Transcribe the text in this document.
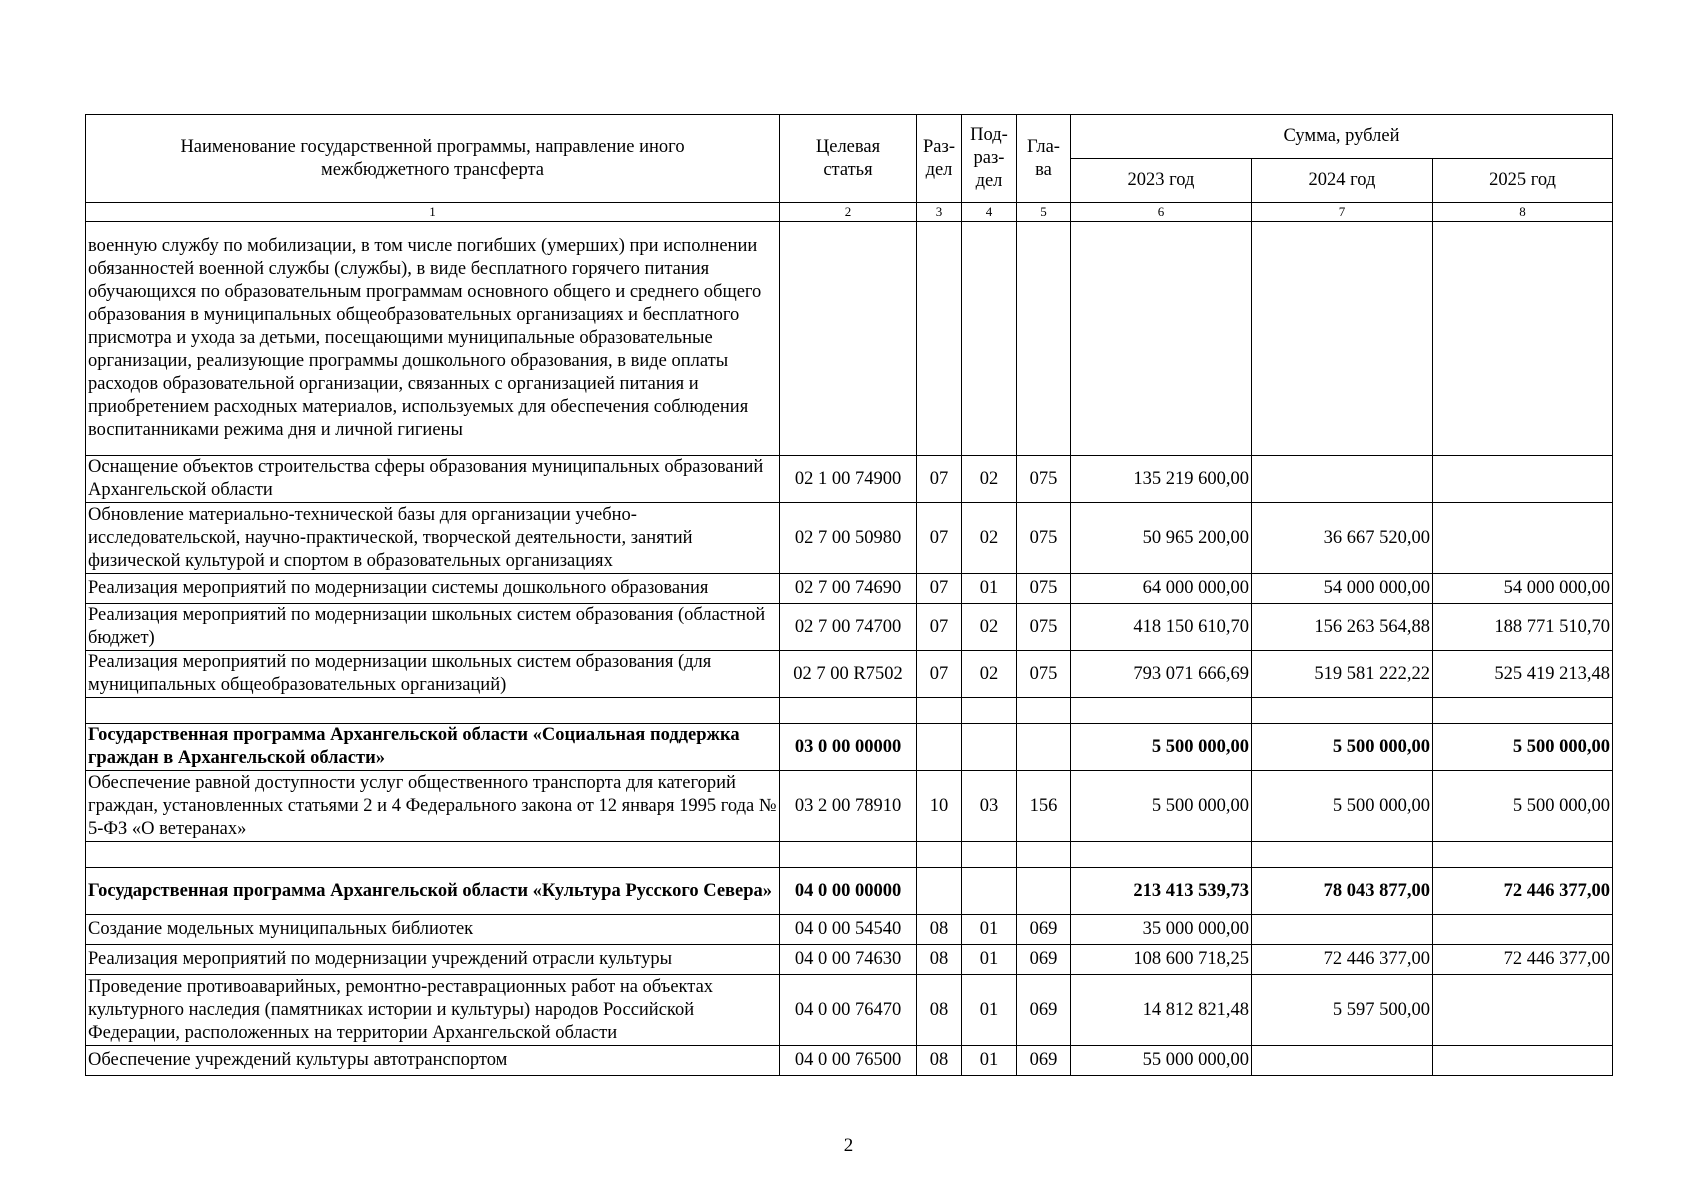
Наименование государственной программы, направление иного межбюджетного трансферта	Целевая статья	Раз-дел	Под-раз-дел	Гла-ва	Сумма, рублей		
					2023 год	2024 год	2025 год
1	2	3	4	5	6	7	8
военную службу по мобилизации, в том числе погибших (умерших) при исполнении обязанностей военной службы (службы), в виде бесплатного горячего питания обучающихся по образовательным программам основного общего и среднего общего образования в муниципальных общеобразовательных организациях и бесплатного присмотра и ухода за детьми, посещающими муниципальные образовательные организации, реализующие программы дошкольного образования, в виде оплаты расходов образовательной организации, связанных с организацией питания и приобретением расходных материалов, используемых для обеспечения соблюдения воспитанниками режима дня и личной гигиены							
Оснащение объектов строительства сферы образования муниципальных образований Архангельской области	02 1 00 74900	07	02	075	135 219 600,00		
Обновление материально-технической базы для организации учебно-исследовательской, научно-практической, творческой деятельности, занятий физической культурой и спортом в образовательных организациях	02 7 00 50980	07	02	075	50 965 200,00	36 667 520,00	
Реализация мероприятий по модернизации системы дошкольного образования	02 7 00 74690	07	01	075	64 000 000,00	54 000 000,00	54 000 000,00
Реализация мероприятий по модернизации школьных систем образования (областной бюджет)	02 7 00 74700	07	02	075	418 150 610,70	156 263 564,88	188 771 510,70
Реализация мероприятий по модернизации школьных систем образования (для муниципальных общеобразовательных организаций)	02 7 00 R7502	07	02	075	793 071 666,69	519 581 222,22	525 419 213,48

Государственная программа Архангельской области «Социальная поддержка граждан в Архангельской области»	03 0 00 00000				5 500 000,00	5 500 000,00	5 500 000,00
Обеспечение равной доступности услуг общественного транспорта для категорий граждан, установленных статьями 2 и 4 Федерального закона от 12 января 1995 года № 5-ФЗ «О ветеранах»	03 2 00 78910	10	03	156	5 500 000,00	5 500 000,00	5 500 000,00

Государственная программа Архангельской области «Культура Русского Севера»	04 0 00 00000				213 413 539,73	78 043 877,00	72 446 377,00
Создание модельных муниципальных библиотек	04 0 00 54540	08	01	069	35 000 000,00		
Реализация мероприятий по модернизации учреждений отрасли культуры	04 0 00 74630	08	01	069	108 600 718,25	72 446 377,00	72 446 377,00
Проведение противоаварийных, ремонтно-реставрационных работ на объектах культурного наследия (памятниках истории и культуры) народов Российской Федерации, расположенных на территории Архангельской области	04 0 00 76470	08	01	069	14 812 821,48	5 597 500,00	
Обеспечение учреждений культуры автотранспортом	04 0 00 76500	08	01	069	55 000 000,00		
2
